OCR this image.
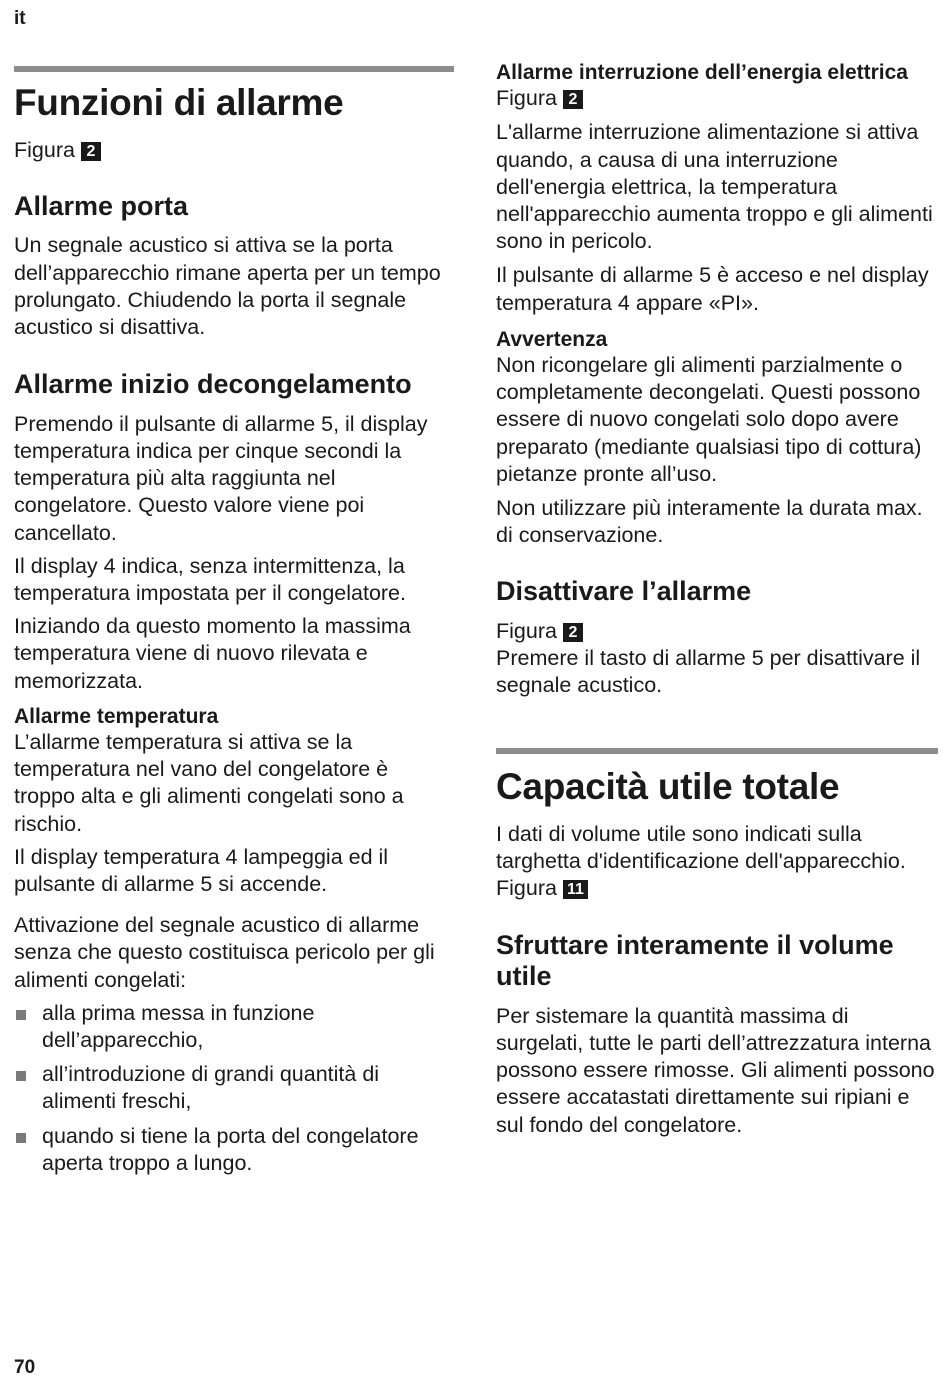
it
Funzioni di allarme

Figura 2

Allarme porta

Un segnale acustico si attiva se la porta dell’apparecchio rimane aperta per un tempo prolungato. Chiudendo la porta il segnale acustico si disattiva.

Allarme inizio decongelamento

Premendo il pulsante di allarme 5, il display temperatura indica per cinque secondi la temperatura più alta raggiunta nel congelatore. Questo valore viene poi cancellato.

Il display 4 indica, senza intermittenza, la temperatura impostata per il congelatore.

Iniziando da questo momento la massima temperatura viene di nuovo rilevata e memorizzata.

Allarme temperatura

L’allarme temperatura si attiva se la temperatura nel vano del congelatore è troppo alta e gli alimenti congelati sono a rischio.

Il display temperatura 4 lampeggia ed il pulsante di allarme 5 si accende.

Attivazione del segnale acustico di allarme senza che questo costituisca pericolo per gli alimenti congelati:

alla prima messa in funzione dell’apparecchio,
all’introduzione di grandi quantità di alimenti freschi,
quando si tiene la porta del congelatore aperta troppo a lungo.
Allarme interruzione dell’energia elettrica

Figura 2

L'allarme interruzione alimentazione si attiva quando, a causa di una interruzione dell'energia elettrica, la temperatura nell'apparecchio aumenta troppo e gli alimenti sono in pericolo.

Il pulsante di allarme 5 è acceso e nel display temperatura 4 appare «PI».

Avvertenza

Non ricongelare gli alimenti parzialmente o completamente decongelati. Questi possono essere di nuovo congelati solo dopo avere preparato (mediante qualsiasi tipo di cottura) pietanze pronte all’uso.

Non utilizzare più interamente la durata max. di conservazione.

Disattivare l’allarme

Figura 2

Premere il tasto di allarme 5 per disattivare il segnale acustico.

Capacità utile totale

I dati di volume utile sono indicati sulla targhetta d'identificazione dell'apparecchio. Figura 11

Sfruttare interamente il volume utile

Per sistemare la quantità massima di surgelati, tutte le parti dell’attrezzatura interna possono essere rimosse. Gli alimenti possono essere accatastati direttamente sui ripiani e sul fondo del congelatore.

70
